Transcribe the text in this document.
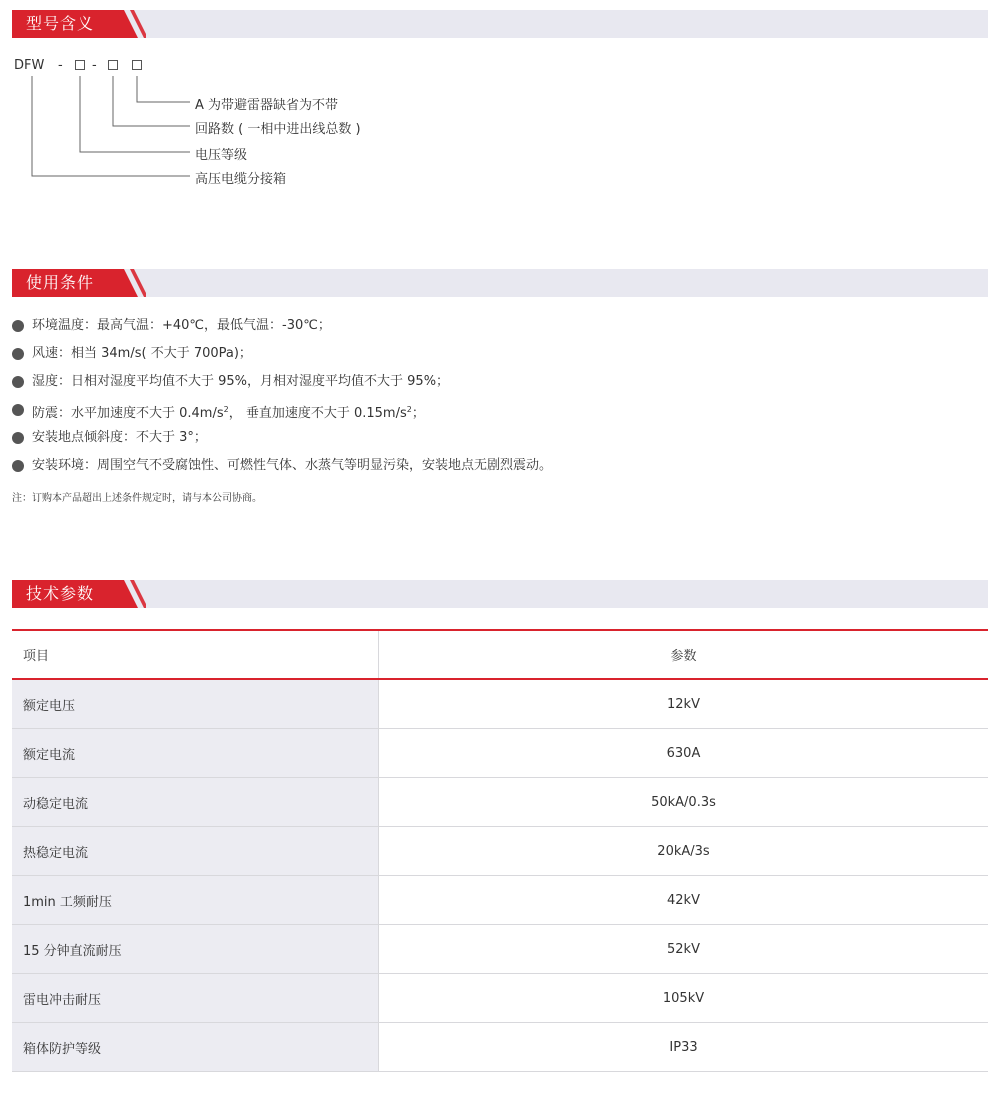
型号含义
DFW - -
A 为带避雷器缺省为不带
回路数 ( 一相中进出线总数 )
电压等级
高压电缆分接箱
使用条件
环境温度：最高气温：+40℃，最低气温：-30℃；
风速：相当 34m/s( 不大于 700Pa)；
湿度：日相对湿度平均值不大于 95%，月相对湿度平均值不大于 95%；
防震：水平加速度不大于 $0.4m/s^2$， 垂直加速度不大于 $0.15m/s^2$；
安装地点倾斜度：不大于 3°；
安装环境：周围空气不受腐蚀性、可燃性气体、水蒸气等明显污染，安装地点无剧烈震动。
注：订购本产品超出上述条件规定时，请与本公司协商。
技术参数
项目	参数
额定电压	12kV
额定电流	630A
动稳定电流	50kA/0.3s
热稳定电流	20kA/3s
1min 工频耐压	42kV
15 分钟直流耐压	52kV
雷电冲击耐压	105kV
箱体防护等级	IP33
